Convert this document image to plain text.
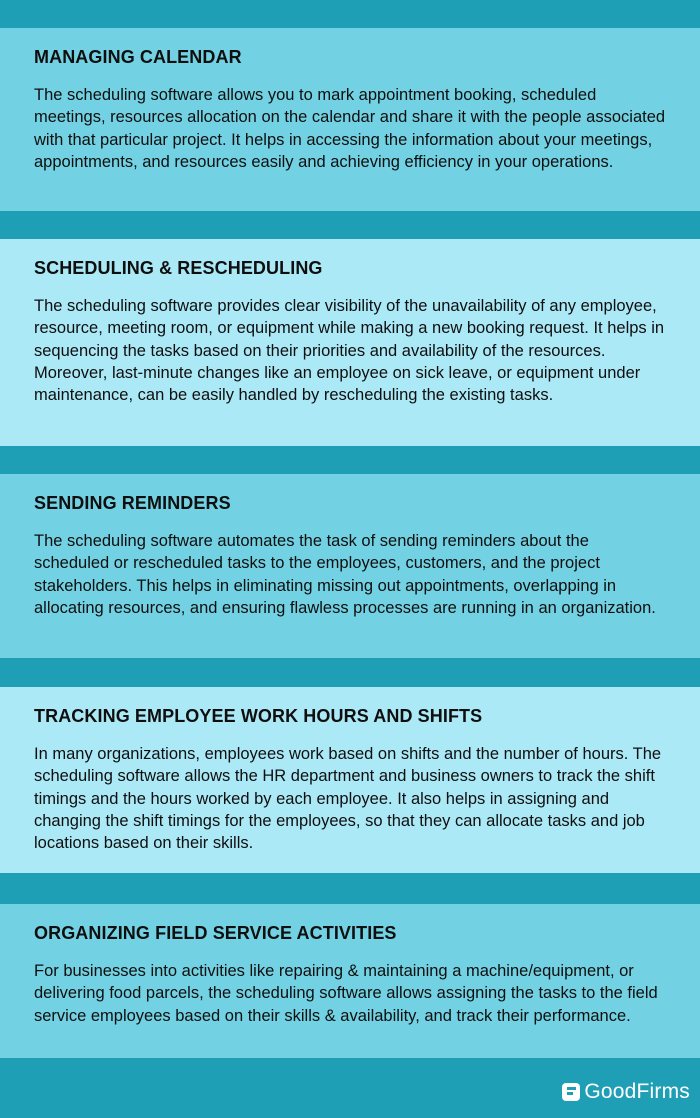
MANAGING CALENDAR

The scheduling software allows you to mark appointment booking, scheduled meetings, resources allocation on the calendar and share it with the people associated with that particular project. It helps in accessing the information about your meetings, appointments, and resources easily and achieving efficiency in your operations.

SCHEDULING & RESCHEDULING

The scheduling software provides clear visibility of the unavailability of any employee, resource, meeting room, or equipment while making a new booking request. It helps in sequencing the tasks based on their priorities and availability of the resources. Moreover, last-minute changes like an employee on sick leave, or equipment under maintenance, can be easily handled by rescheduling the existing tasks.

SENDING REMINDERS

The scheduling software automates the task of sending reminders about the scheduled or rescheduled tasks to the employees, customers, and the project stakeholders. This helps in eliminating missing out appointments, overlapping in allocating resources, and ensuring flawless processes are running in an organization.

TRACKING EMPLOYEE WORK HOURS AND SHIFTS

In many organizations, employees work based on shifts and the number of hours. The scheduling software allows the HR department and business owners to track the shift timings and the hours worked by each employee. It also helps in assigning and changing the shift timings for the employees, so that they can allocate tasks and job locations based on their skills.

ORGANIZING FIELD SERVICE ACTIVITIES

For businesses into activities like repairing & maintaining a machine/equipment, or delivering food parcels, the scheduling software allows assigning the tasks to the field service employees based on their skills & availability, and track their performance.

GoodFirms
